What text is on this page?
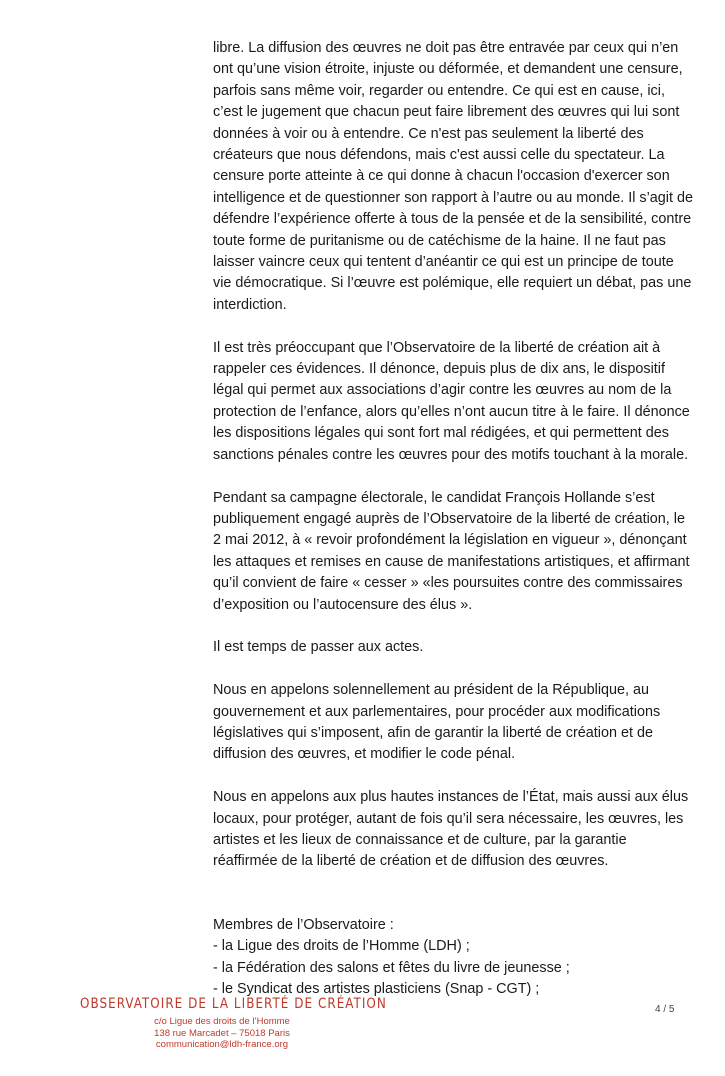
libre. La diffusion des œuvres ne doit pas être entravée par ceux qui n’en ont qu’une vision étroite, injuste ou déformée, et demandent une censure, parfois sans même voir, regarder ou entendre. Ce qui est en cause, ici, c’est le jugement que chacun peut faire librement des œuvres qui lui sont données à voir ou à entendre. Ce n'est pas seulement la liberté des créateurs que nous défendons, mais c'est aussi celle du spectateur. La censure porte atteinte à ce qui donne à chacun l'occasion d'exercer son intelligence et de questionner son rapport à l’autre ou au monde. Il s’agit de défendre l’expérience offerte à tous de la pensée et de la sensibilité, contre toute forme de puritanisme ou de catéchisme de la haine. Il ne faut pas laisser vaincre ceux qui tentent d’anéantir ce qui est un principe de toute vie démocratique. Si l’œuvre est polémique, elle requiert un débat, pas une interdiction.

Il est très préoccupant que l’Observatoire de la liberté de création ait à rappeler ces évidences. Il dénonce, depuis plus de dix ans, le dispositif légal qui permet aux associations d’agir contre les œuvres au nom de la protection de l’enfance, alors qu’elles n’ont aucun titre à le faire. Il dénonce les dispositions légales qui sont fort mal rédigées, et qui permettent des sanctions pénales contre les œuvres pour des motifs touchant à la morale.

Pendant sa campagne électorale, le candidat François Hollande s’est publiquement engagé auprès de l’Observatoire de la liberté de création, le 2 mai 2012, à « revoir profondément la législation en vigueur », dénonçant les attaques et remises en cause de manifestations artistiques, et affirmant qu’il convient de faire « cesser » «les poursuites contre des commissaires d’exposition ou l’autocensure des élus ».

Il est temps de passer aux actes.

Nous en appelons solennellement au président de la République, au gouvernement et aux parlementaires, pour procéder aux modifications législatives qui s’imposent, afin de garantir la liberté de création et de diffusion des œuvres, et modifier le code pénal.

Nous en appelons aux plus hautes instances de l’État, mais aussi aux élus locaux, pour protéger, autant de fois qu’il sera nécessaire, les œuvres, les artistes et les lieux de connaissance et de culture, par la garantie réaffirmée de la liberté de création et de diffusion des œuvres.

Membres de l’Observatoire :

- la Ligue des droits de l’Homme (LDH) ;
- la Fédération des salons et fêtes du livre de jeunesse ;
- le Syndicat des artistes plasticiens (Snap - CGT) ;
OBSERVATOIRE DE LA LIBERTÉ DE CRÉATION

c/o Ligue des droits de l’Homme

138 rue Marcadet – 75018 Paris

communication@ldh-france.org

4 / 5
